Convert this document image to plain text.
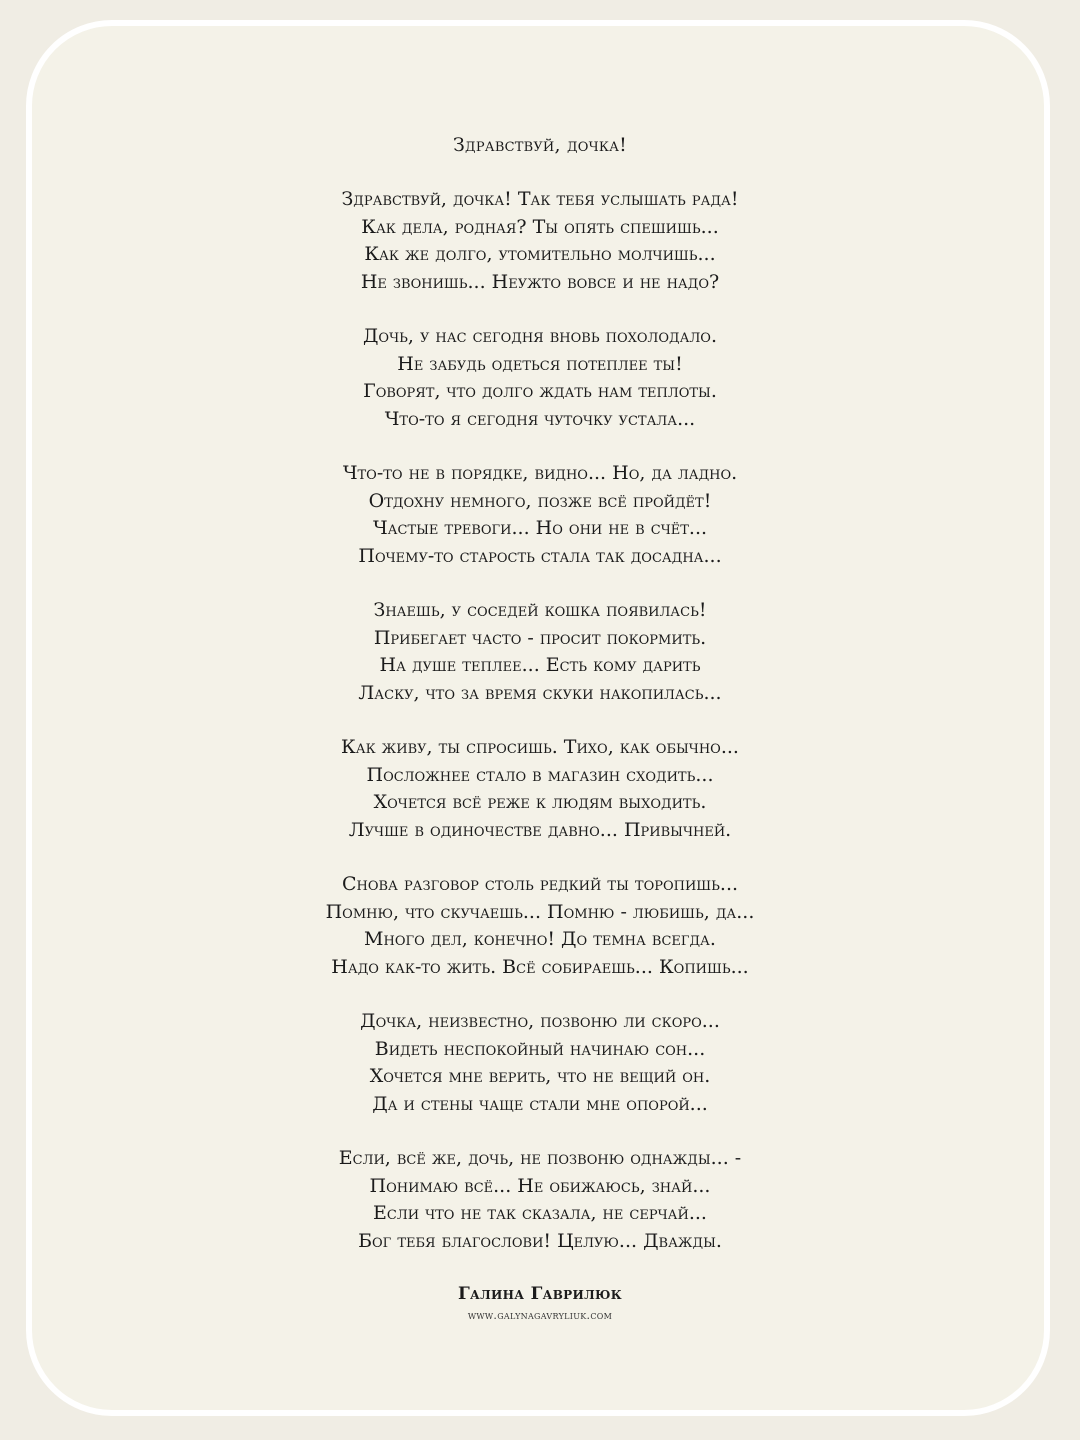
Здравствуй, дочка!
Здравствуй, дочка! Так тебя услышать рада!
Как дела, родная? Ты опять спешишь...
Как же долго, утомительно молчишь...
Не звонишь... Неужто вовсе и не надо?
Дочь, у нас сегодня вновь похолодало.
Не забудь одеться потеплее ты!
Говорят, что долго ждать нам теплоты.
Что-то я сегодня чуточку устала...
Что-то не в порядке, видно... Но, да ладно.
Отдохну немного, позже всё пройдёт!
Частые тревоги... Но они не в счёт...
Почему-то старость стала так досадна...
Знаешь, у соседей кошка появилась!
Прибегает часто - просит покормить.
На душе теплее... Есть кому дарить
Ласку, что за время скуки накопилась...
Как живу, ты спросишь. Тихо, как обычно...
Посложнее стало в магазин сходить...
Хочется всё реже к людям выходить.
Лучше в одиночестве давно... Привычней.
Снова разговор столь редкий ты торопишь...
Помню, что скучаешь... Помню - любишь, да...
Много дел, конечно! До темна всегда.
Надо как-то жить. Всё собираешь... Копишь...
Дочка, неизвестно, позвоню ли скоро...
Видеть неспокойный начинаю сон...
Хочется мне верить, что не вещий он.
Да и стены чаще стали мне опорой...
Если, всё же, дочь, не позвоню однажды... -
Понимаю всё... Не обижаюсь, знай...
Если что не так сказала, не серчай...
Бог тебя благослови! Целую... Дважды.
Галина Гаврилюк
www.galynagavryliuk.com
